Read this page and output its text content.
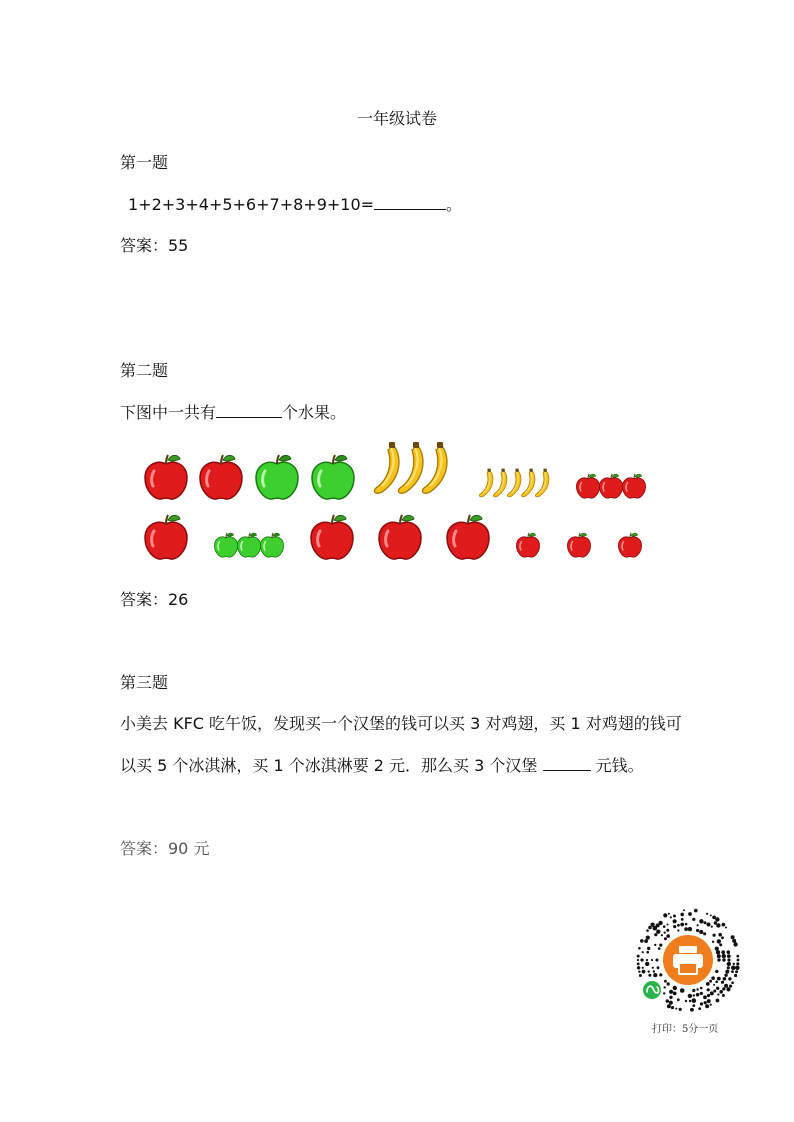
一年级试卷
第一题
1+2+3+4+5+6+7+8+9+10=	。
答案：55
第二题
下图中一共有	个水果。
答案：26
第三题
小美去 KFC 吃午饭，发现买一个汉堡的钱可以买 3 对鸡翅，买 1 对鸡翅的钱可
以买 5 个冰淇淋，买 1 个冰淇淋要 2 元．那么买 3 个汉堡	元钱。
答案：90 元
打印：5分一页
